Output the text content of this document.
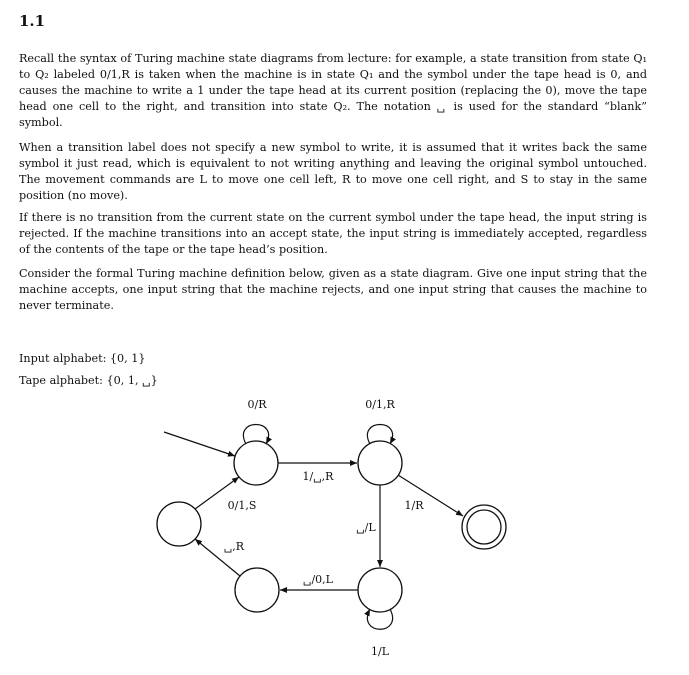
1.1

Recall the syntax of Turing machine state diagrams from lecture: for example, a state transition from state Q₁ to Q₂ labeled 0/1,R is taken when the machine is in state Q₁ and the symbol under the tape head is 0, and causes the machine to write a 1 under the tape head at its current position (replacing the 0), move the tape head one cell to the right, and transition into state Q₂. The notation ␣ is used for the standard “blank” symbol.

When a transition label does not specify a new symbol to write, it is assumed that it writes back the same symbol it just read, which is equivalent to not writing anything and leaving the original symbol untouched. The movement commands are L to move one cell left, R to move one cell right, and S to stay in the same position (no move).

If there is no transition from the current state on the current symbol under the tape head, the input string is rejected. If the machine transitions into an accept state, the input string is immediately accepted, regardless of the contents of the tape or the tape head’s position.

Consider the formal Turing machine definition below, given as a state diagram. Give one input string that the machine accepts, one input string that the machine rejects, and one input string that causes the machine to never terminate.

Input alphabet: {0, 1}
Tape alphabet: {0, 1, ␣}
0/R	0/1,R
1/␣,R
0/1,S	1/R
␣/L
␣,R
␣/0,L
1/L
